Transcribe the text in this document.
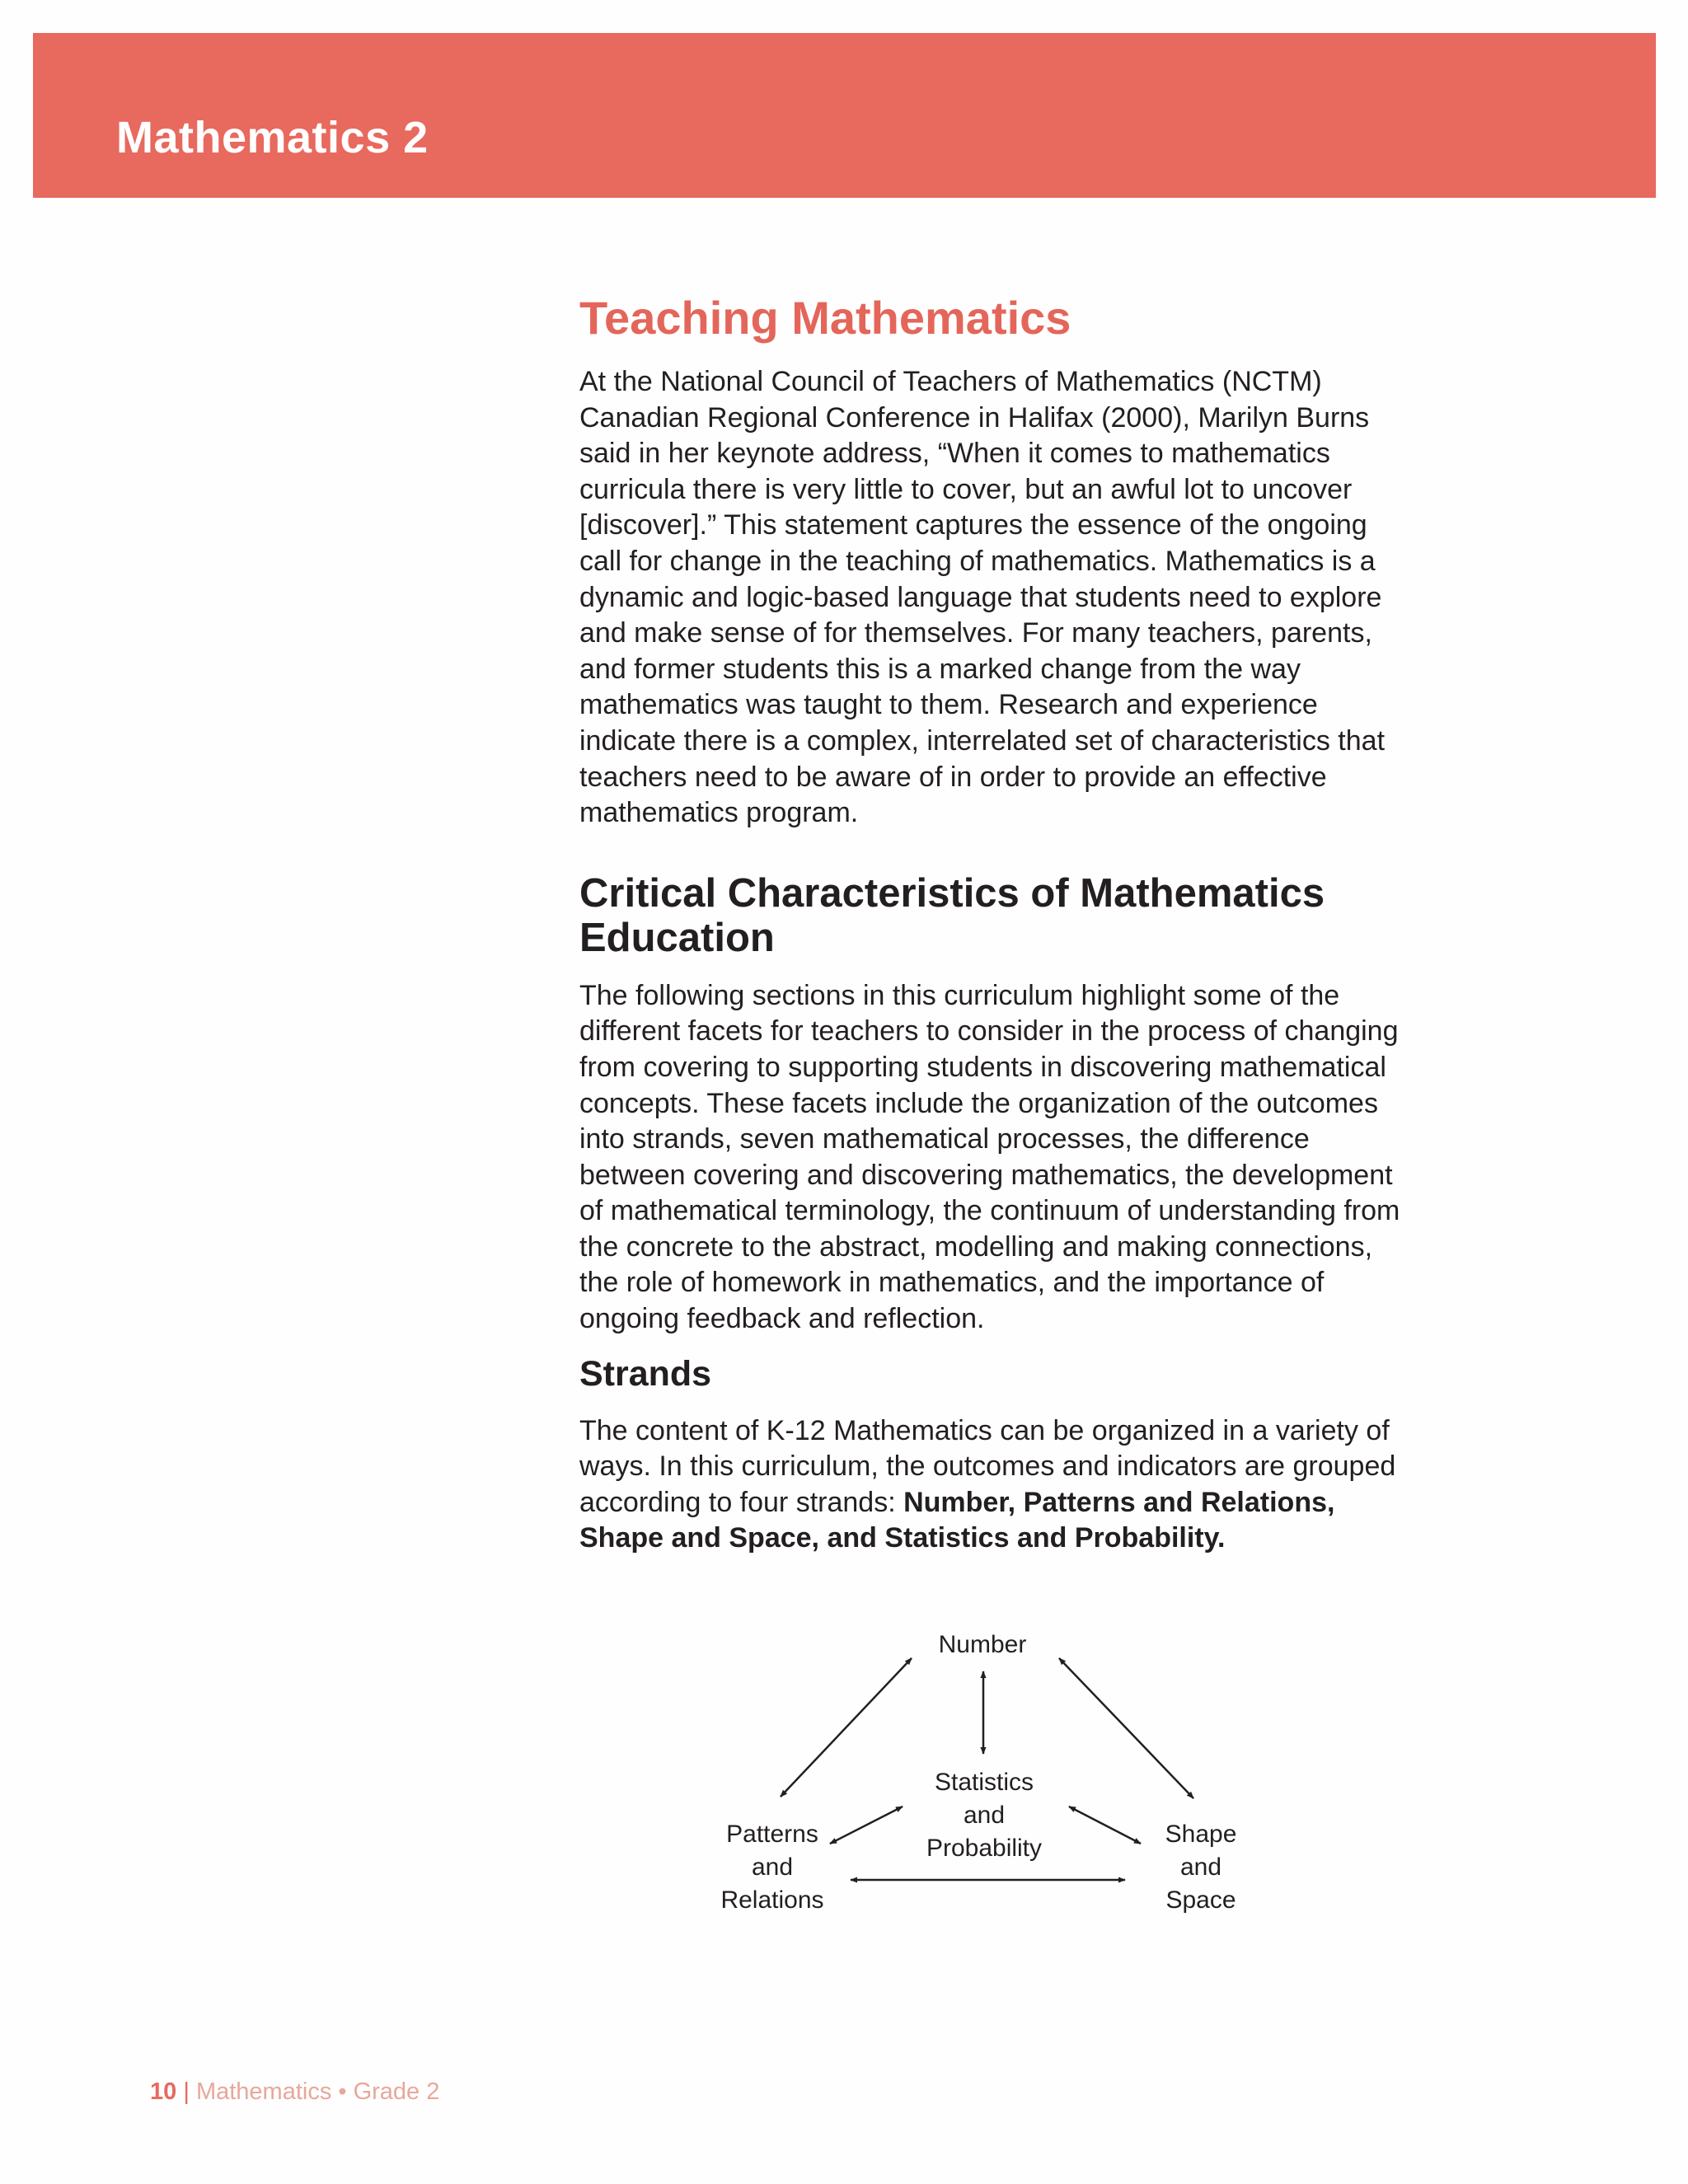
Mathematics 2
Teaching Mathematics

At the National Council of Teachers of Mathematics (NCTM) Canadian Regional Conference in Halifax (2000), Marilyn Burns said in her keynote address, “When it comes to mathematics curricula there is very little to cover, but an awful lot to uncover [discover].” This statement captures the essence of the ongoing call for change in the teaching of mathematics. Mathematics is a dynamic and logic-based language that students need to explore and make sense of for themselves. For many teachers, parents, and former students this is a marked change from the way mathematics was taught to them. Research and experience indicate there is a complex, interrelated set of characteristics that teachers need to be aware of in order to provide an effective mathematics program.

Critical Characteristics of Mathematics Education

The following sections in this curriculum highlight some of the different facets for teachers to consider in the process of changing from covering to supporting students in discovering mathematical concepts. These facets include the organization of the outcomes into strands, seven mathematical processes, the difference between covering and discovering mathematics, the development of mathematical terminology, the continuum of understanding from the concrete to the abstract, modelling and making connections, the role of homework in mathematics, and the importance of ongoing feedback and reflection.

Strands

The content of K-12 Mathematics can be organized in a variety of ways. In this curriculum, the outcomes and indicators are grouped according to four strands: Number, Patterns and Relations, Shape and Space, and Statistics and Probability.

Number
Statistics
and
Probability
Patterns
and
Relations
Shape
and
Space
10 | Mathematics • Grade 2
